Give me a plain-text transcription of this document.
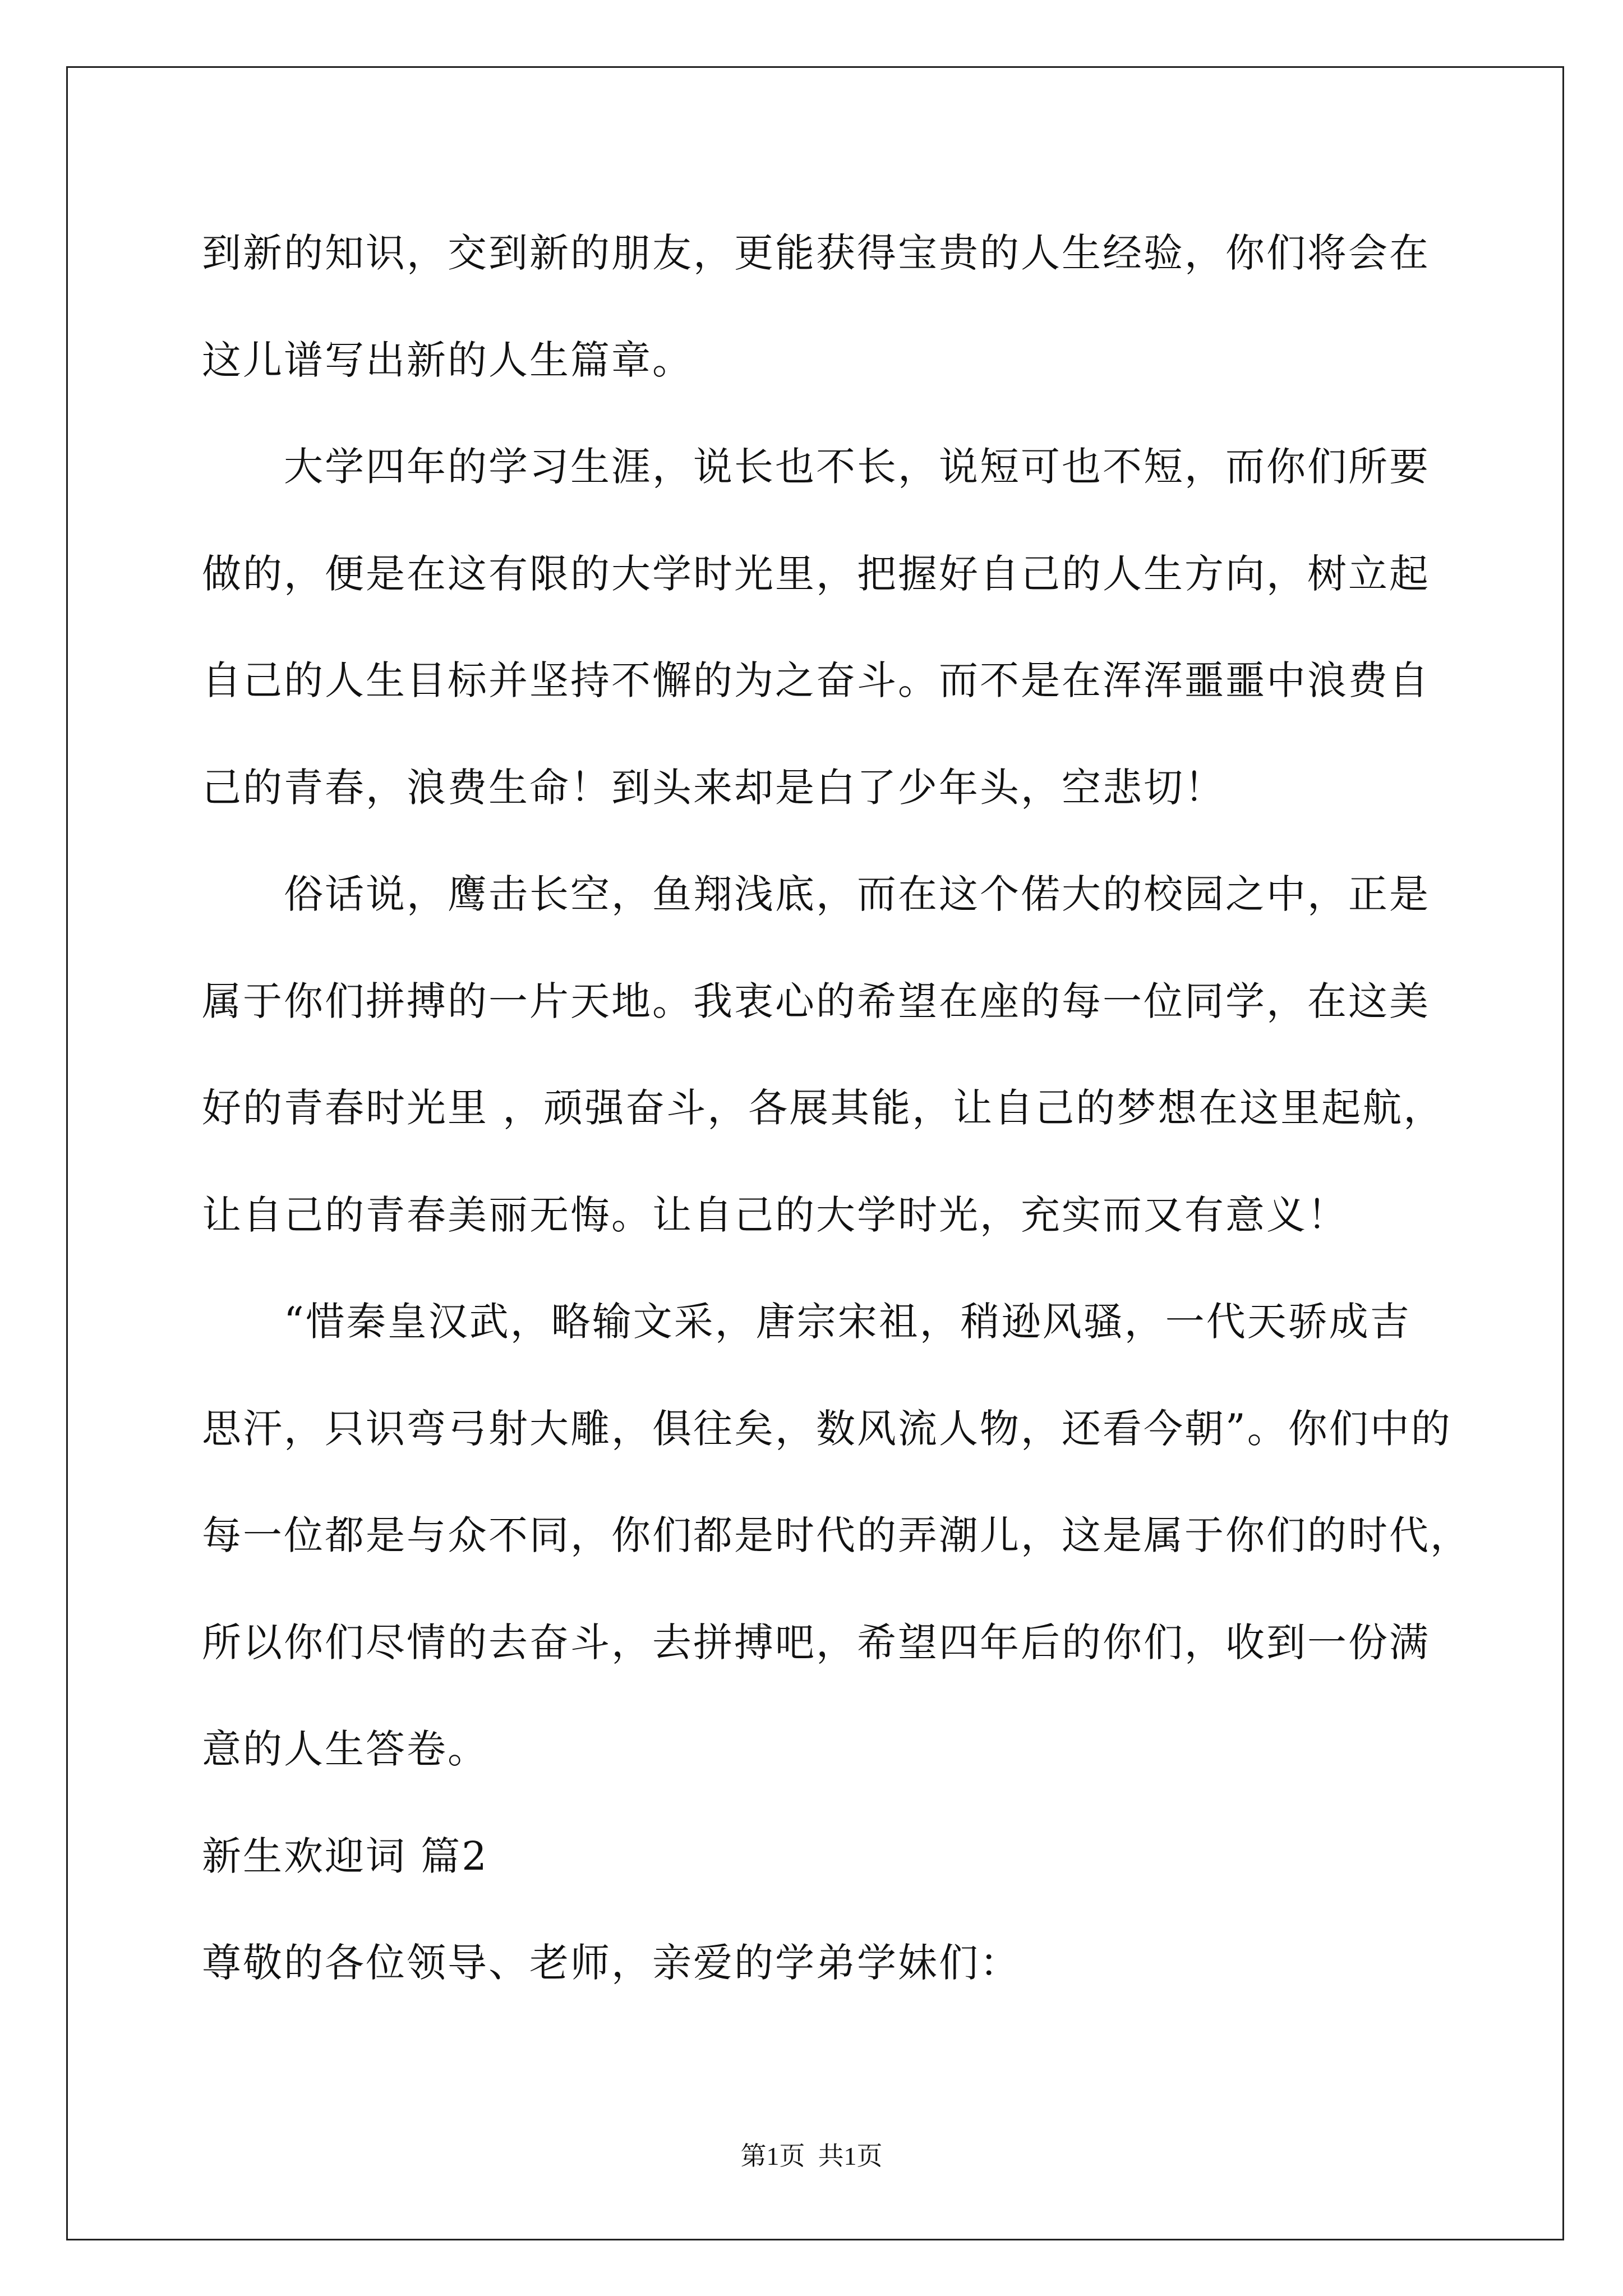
到新的知识，交到新的朋友，更能获得宝贵的人生经验，你们将会在
这儿谱写出新的人生篇章。
大学四年的学习生涯，说长也不长，说短可也不短，而你们所要
做的，便是在这有限的大学时光里，把握好自己的人生方向，树立起
自己的人生目标并坚持不懈的为之奋斗。而不是在浑浑噩噩中浪费自
己的青春，浪费生命！到头来却是白了少年头，空悲切！
俗话说，鹰击长空，鱼翔浅底，而在这个偌大的校园之中，正是
属于你们拼搏的一片天地。我衷心的希望在座的每一位同学，在这美
好的青春时光里 ，顽强奋斗，各展其能，让自己的梦想在这里起航，
让自己的青春美丽无悔。让自己的大学时光，充实而又有意义！
“惜秦皇汉武，略输文采，唐宗宋祖，稍逊风骚，一代天骄成吉
思汗，只识弯弓射大雕，俱往矣，数风流人物，还看今朝”。你们中的
每一位都是与众不同，你们都是时代的弄潮儿，这是属于你们的时代，
所以你们尽情的去奋斗，去拼搏吧，希望四年后的你们，收到一份满
意的人生答卷。
新生欢迎词 篇2
尊敬的各位领导、老师，亲爱的学弟学妹们：
第1页  共1页
